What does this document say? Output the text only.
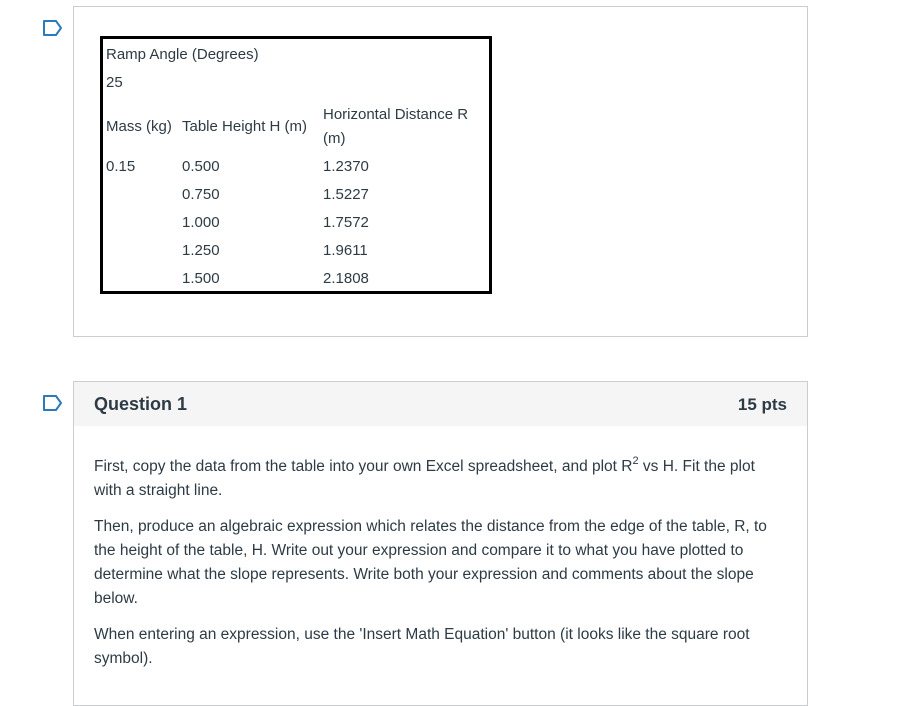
Ramp Angle (Degrees)
25
Mass (kg) Table Height H (m)
Horizontal Distance R (m)
0.15	0.500
0.750
1.000
1.250
1.500
1.2370
1.5227
1.7572
1.9611
2.1808
Question 1	15 pts

First, copy the data from the table into your own Excel spreadsheet, and plot $R^2$ vs H. Fit the plot with a straight line.

Then, produce an algebraic expression which relates the distance from the edge of the table, R, to the height of the table, H. Write out your expression and compare it to what you have plotted to determine what the slope represents. Write both your expression and comments about the slope below.

When entering an expression, use the 'Insert Math Equation' button (it looks like the square root symbol).
